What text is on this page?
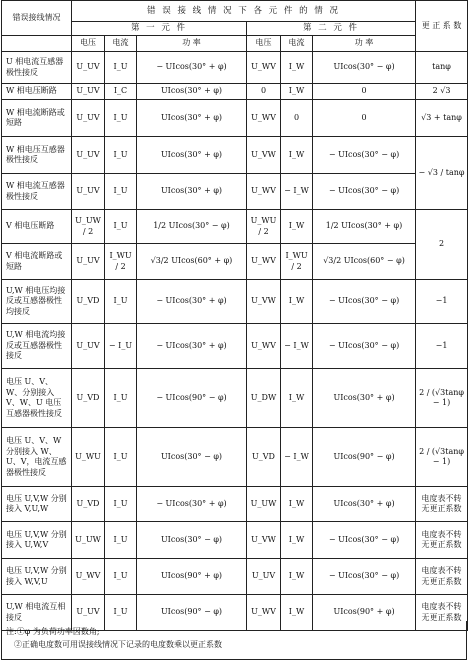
错误接线情况	错 误 接 线 情 况 下 各 元 件 的 情 况						更 正 系 数
	第 一 元 件			第 二 元 件			
	电压	电流	功 率	电压	电流	功 率	
U 相电流互感器极性接反	U_UV	I_U	− UIcos(30° + φ)	U_WV	I_W	UIcos(30° − φ)	tanφ
W 相电压断路	U_UV	I_C	UIcos(30° + φ)	0	I_W	0	2 √3
W 相电流断路或短路	U_UV	I_U	UIcos(30° + φ)	U_WV	0	0	√3 + tanφ
W 相电压互感器极性接反	U_UV	I_U	UIcos(30° + φ)	U_VW	I_W	− UIcos(30° − φ)	− √3 / tanφ
W 相电流互感器极性接反	U_UV	I_U	UIcos(30° + φ)	U_WV	− I_W	− UIcos(30° − φ)	
V 相电压断路	U_UW / 2	I_U	1/2 UIcos(30° − φ)	U_WU / 2	I_W	1/2 UIcos(30° + φ)	2
V 相电流断路或短路	U_UV	I_WU / 2	√3/2 UIcos(60° + φ)	U_WV	I_WU / 2	√3/2 UIcos(60° − φ)	
U,W 相电压均接反或互感器极性均接反	U_VD	I_U	− UIcos(30° + φ)	U_VW	I_W	− UIcos(30° − φ)	−1
U,W 相电流均接反或互感器极性接反	U_UV	− I_U	− UIcos(30° + φ)	U_WV	− I_W	− UIcos(30° − φ)	−1
电压 U、V、W、分别接入 V、W、U 电压互感器极性接反	U_VD	I_U	− UIcos(90° − φ)	U_DW	I_W	UIcos(30° + φ)	2 / (√3tanφ − 1)
电压 U、V、W 分别接入 W、U、V，电流互感器极性接反	U_WU	I_U	UIcos(30° − φ)	U_VD	− I_W	UIcos(90° − φ)	2 / (√3tanφ − 1)
电压 U,V,W 分别接入 V,U,W	U_VD	I_U	− UIcos(30° + φ)	U_UW	I_W	UIcos(30° + φ)	电度表不转无更正系数
电压 U,V,W 分别接入 U,W,V	U_UW	I_U	UIcos(30° − φ)	U_VW	I_W	− UIcos(30° − φ)	电度表不转无更正系数
电压 U,V,W 分别接入 W,V,U	U_WV	I_U	UIcos(90° + φ)	U_UV	I_W	− UIcos(30° − φ)	电度表不转无更正系数
U,W 相电流互相接反	U_UV	I_U	UIcos(90° − φ)	U_WV	I_W	UIcos(90° + φ)	电度表不转无更正系数
注:①φ 为负荷功率因数角;
②正确电度数可用误接线情况下记录的电度数乘以更正系数
